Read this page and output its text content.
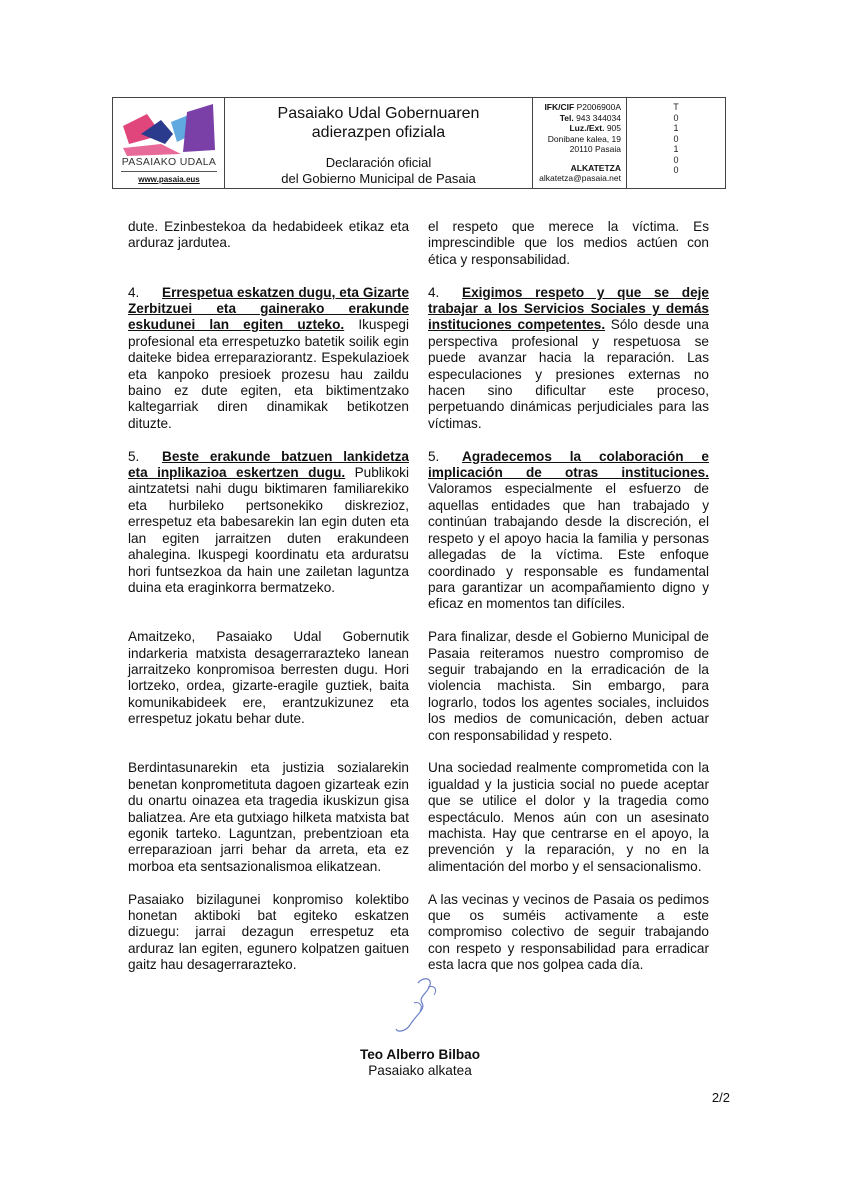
PASAIAKO UDALA
www.pasaia.eus
Pasaiako Udal Gobernuaren
adierazpen ofiziala
Declaración oficial
del Gobierno Municipal de Pasaia
IFK/CIF P2006900A
Tel. 943 344034
Luz./Ext. 905
Donibane kalea, 19
20110 Pasaia
ALKATETZA
alkatetza@pasaia.net
T
0
1
0
1
0
0

dute. Ezinbestekoa da hedabideek etikaz eta arduraz jardutea.

4. Errespetua eskatzen dugu, eta Gizarte Zerbitzuei eta gainerako erakunde eskudunei lan egiten uzteko. Ikuspegi profesional eta errespetuzko batetik soilik egin daiteke bidea erreparaziorantz. Espekulazioek eta kanpoko presioek prozesu hau zaildu baino ez dute egiten, eta biktimentzako kaltegarriak diren dinamikak betikotzen dituzte.

5. Beste erakunde batzuen lankidetza eta inplikazioa eskertzen dugu. Publikoki aintzatetsi nahi dugu biktimaren familiarekiko eta hurbileko pertsonekiko diskrezioz, errespetuz eta babesarekin lan egin duten eta lan egiten jarraitzen duten erakundeen ahalegina. Ikuspegi koordinatu eta arduratsu hori funtsezkoa da hain une zailetan laguntza duina eta eraginkorra bermatzeko.

Amaitzeko, Pasaiako Udal Gobernutik indarkeria matxista desagerrarazteko lanean jarraitzeko konpromisoa berresten dugu. Hori lortzeko, ordea, gizarte-eragile guztiek, baita komunikabideek ere, erantzukizunez eta errespetuz jokatu behar dute.

Berdintasunarekin eta justizia sozialarekin benetan konprometituta dagoen gizarteak ezin du onartu oinazea eta tragedia ikuskizun gisa baliatzea. Are eta gutxiago hilketa matxista bat egonik tarteko. Laguntzan, prebentzioan eta erreparazioan jarri behar da arreta, eta ez morboa eta sentsazionalismoa elikatzean.

Pasaiako bizilagunei konpromiso kolektibo honetan aktiboki bat egiteko eskatzen dizuegu: jarrai dezagun errespetuz eta arduraz lan egiten, egunero kolpatzen gaituen gaitz hau desagerrarazteko.

el respeto que merece la víctima. Es imprescindible que los medios actúen con ética y responsabilidad.

4. Exigimos respeto y que se deje trabajar a los Servicios Sociales y demás instituciones competentes. Sólo desde una perspectiva profesional y respetuosa se puede avanzar hacia la reparación. Las especulaciones y presiones externas no hacen sino dificultar este proceso, perpetuando dinámicas perjudiciales para las víctimas.

5. Agradecemos la colaboración e implicación de otras instituciones. Valoramos especialmente el esfuerzo de aquellas entidades que han trabajado y continúan trabajando desde la discreción, el respeto y el apoyo hacia la familia y personas allegadas de la víctima. Este enfoque coordinado y responsable es fundamental para garantizar un acompañamiento digno y eficaz en momentos tan difíciles.

Para finalizar, desde el Gobierno Municipal de Pasaia reiteramos nuestro compromiso de seguir trabajando en la erradicación de la violencia machista. Sin embargo, para lograrlo, todos los agentes sociales, incluidos los medios de comunicación, deben actuar con responsabilidad y respeto.

Una sociedad realmente comprometida con la igualdad y la justicia social no puede aceptar que se utilice el dolor y la tragedia como espectáculo. Menos aún con un asesinato machista. Hay que centrarse en el apoyo, la prevención y la reparación, y no en la alimentación del morbo y el sensacionalismo.

A las vecinas y vecinos de Pasaia os pedimos que os suméis activamente a este compromiso colectivo de seguir trabajando con respeto y responsabilidad para erradicar esta lacra que nos golpea cada día.

Teo Alberro Bilbao
Pasaiako alkatea
2/2
